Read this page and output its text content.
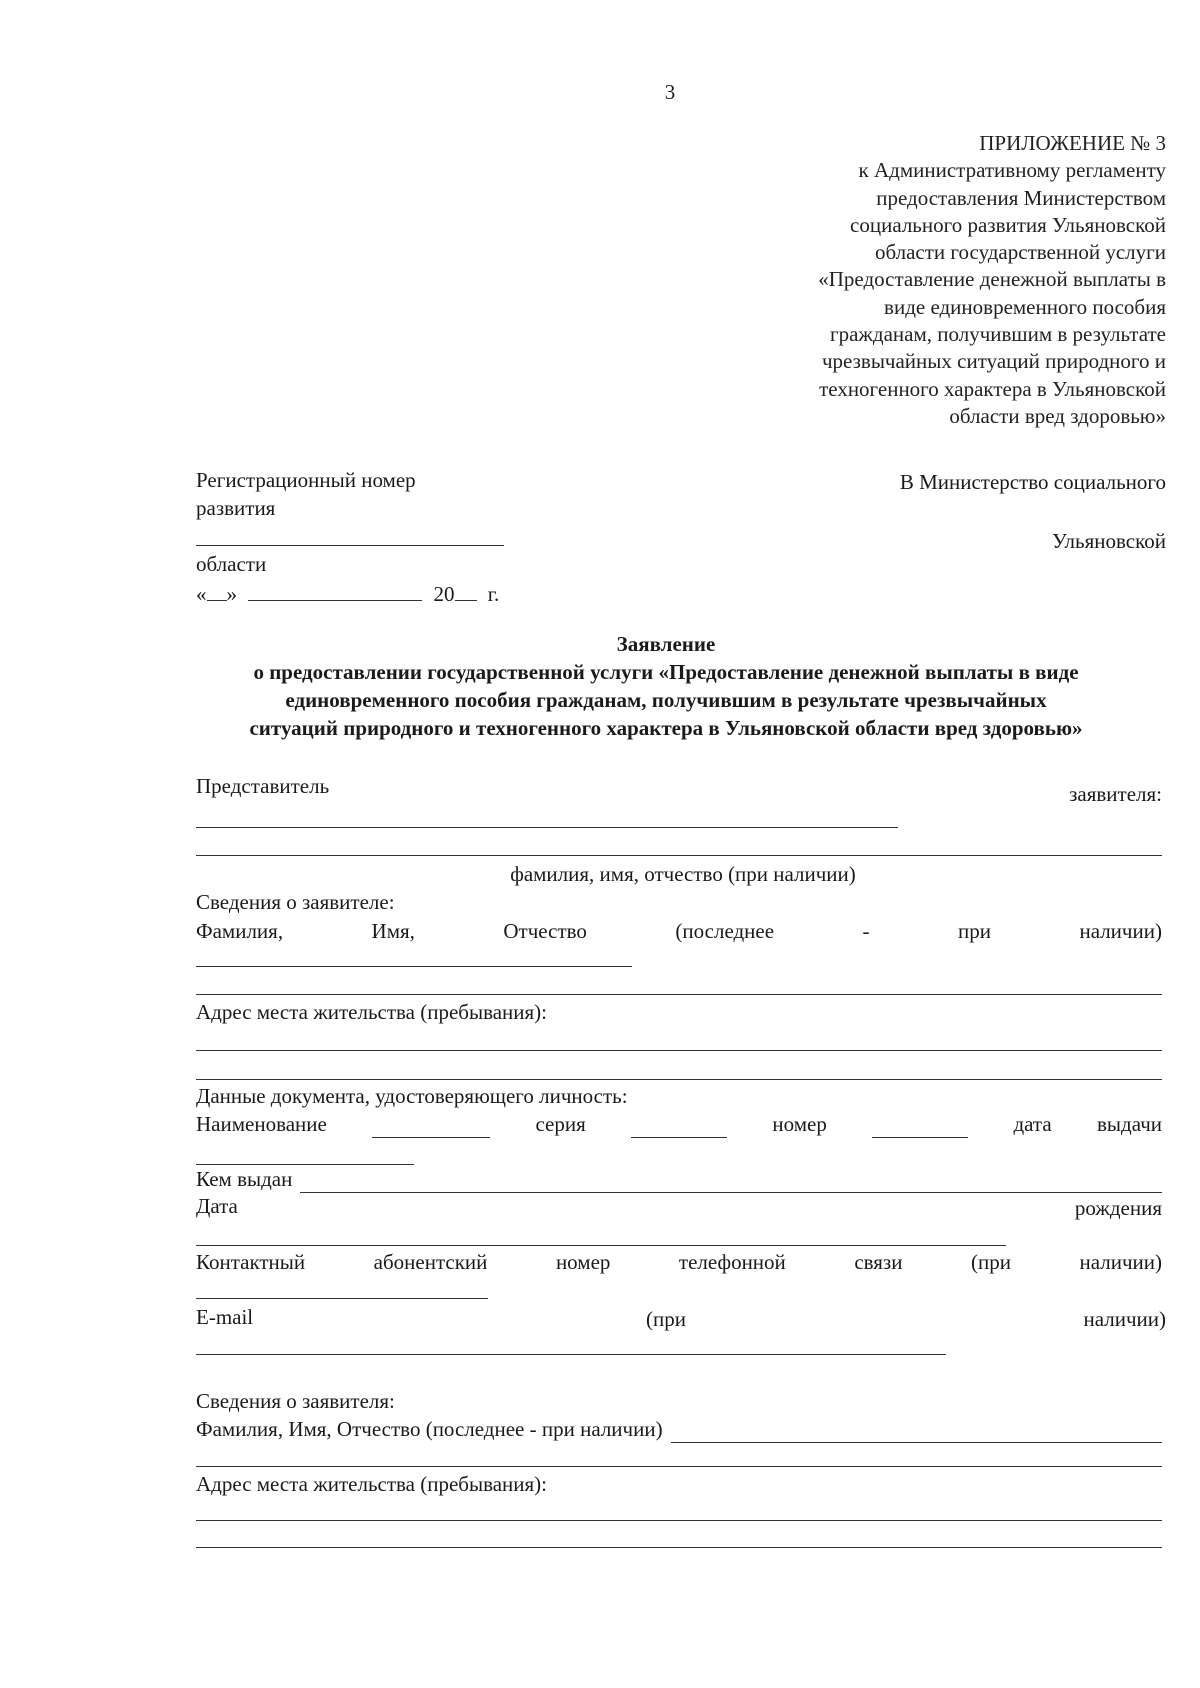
3
ПРИЛОЖЕНИЕ № 3
к Административному регламенту
предоставления Министерством
социального развития Ульяновской
области государственной услуги
«Предоставление денежной выплаты в
виде единовременного пособия
гражданам, получившим в результате
чрезвычайных ситуаций природного и
техногенного характера в Ульяновской
области вред здоровью»
Регистрационный номер
развития
области
« »	20 г.
В Министерство социального
Ульяновской
Заявление
о предоставлении государственной услуги «Предоставление денежной выплаты в виде
единовременного пособия гражданам, получившим в результате чрезвычайных
ситуаций природного и техногенного характера в Ульяновской области вред здоровью»
Представитель	заявителя:
фамилия, имя, отчество (при наличии)
Сведения о заявителе:
Фамилия,	Имя,	Отчество	(последнее	-	при	наличии)
Адрес места жительства (пребывания):
Данные документа, удостоверяющего личность:
Наименование	серия	номер	дата выдачи
Кем выдан
Дата	рождения
Контактный	абонентский	номер	телефонной	связи	(при	наличии)
E-mail	(при	наличии)
Сведения о заявителя:
Фамилия, Имя, Отчество (последнее - при наличии)
Адрес места жительства (пребывания):
